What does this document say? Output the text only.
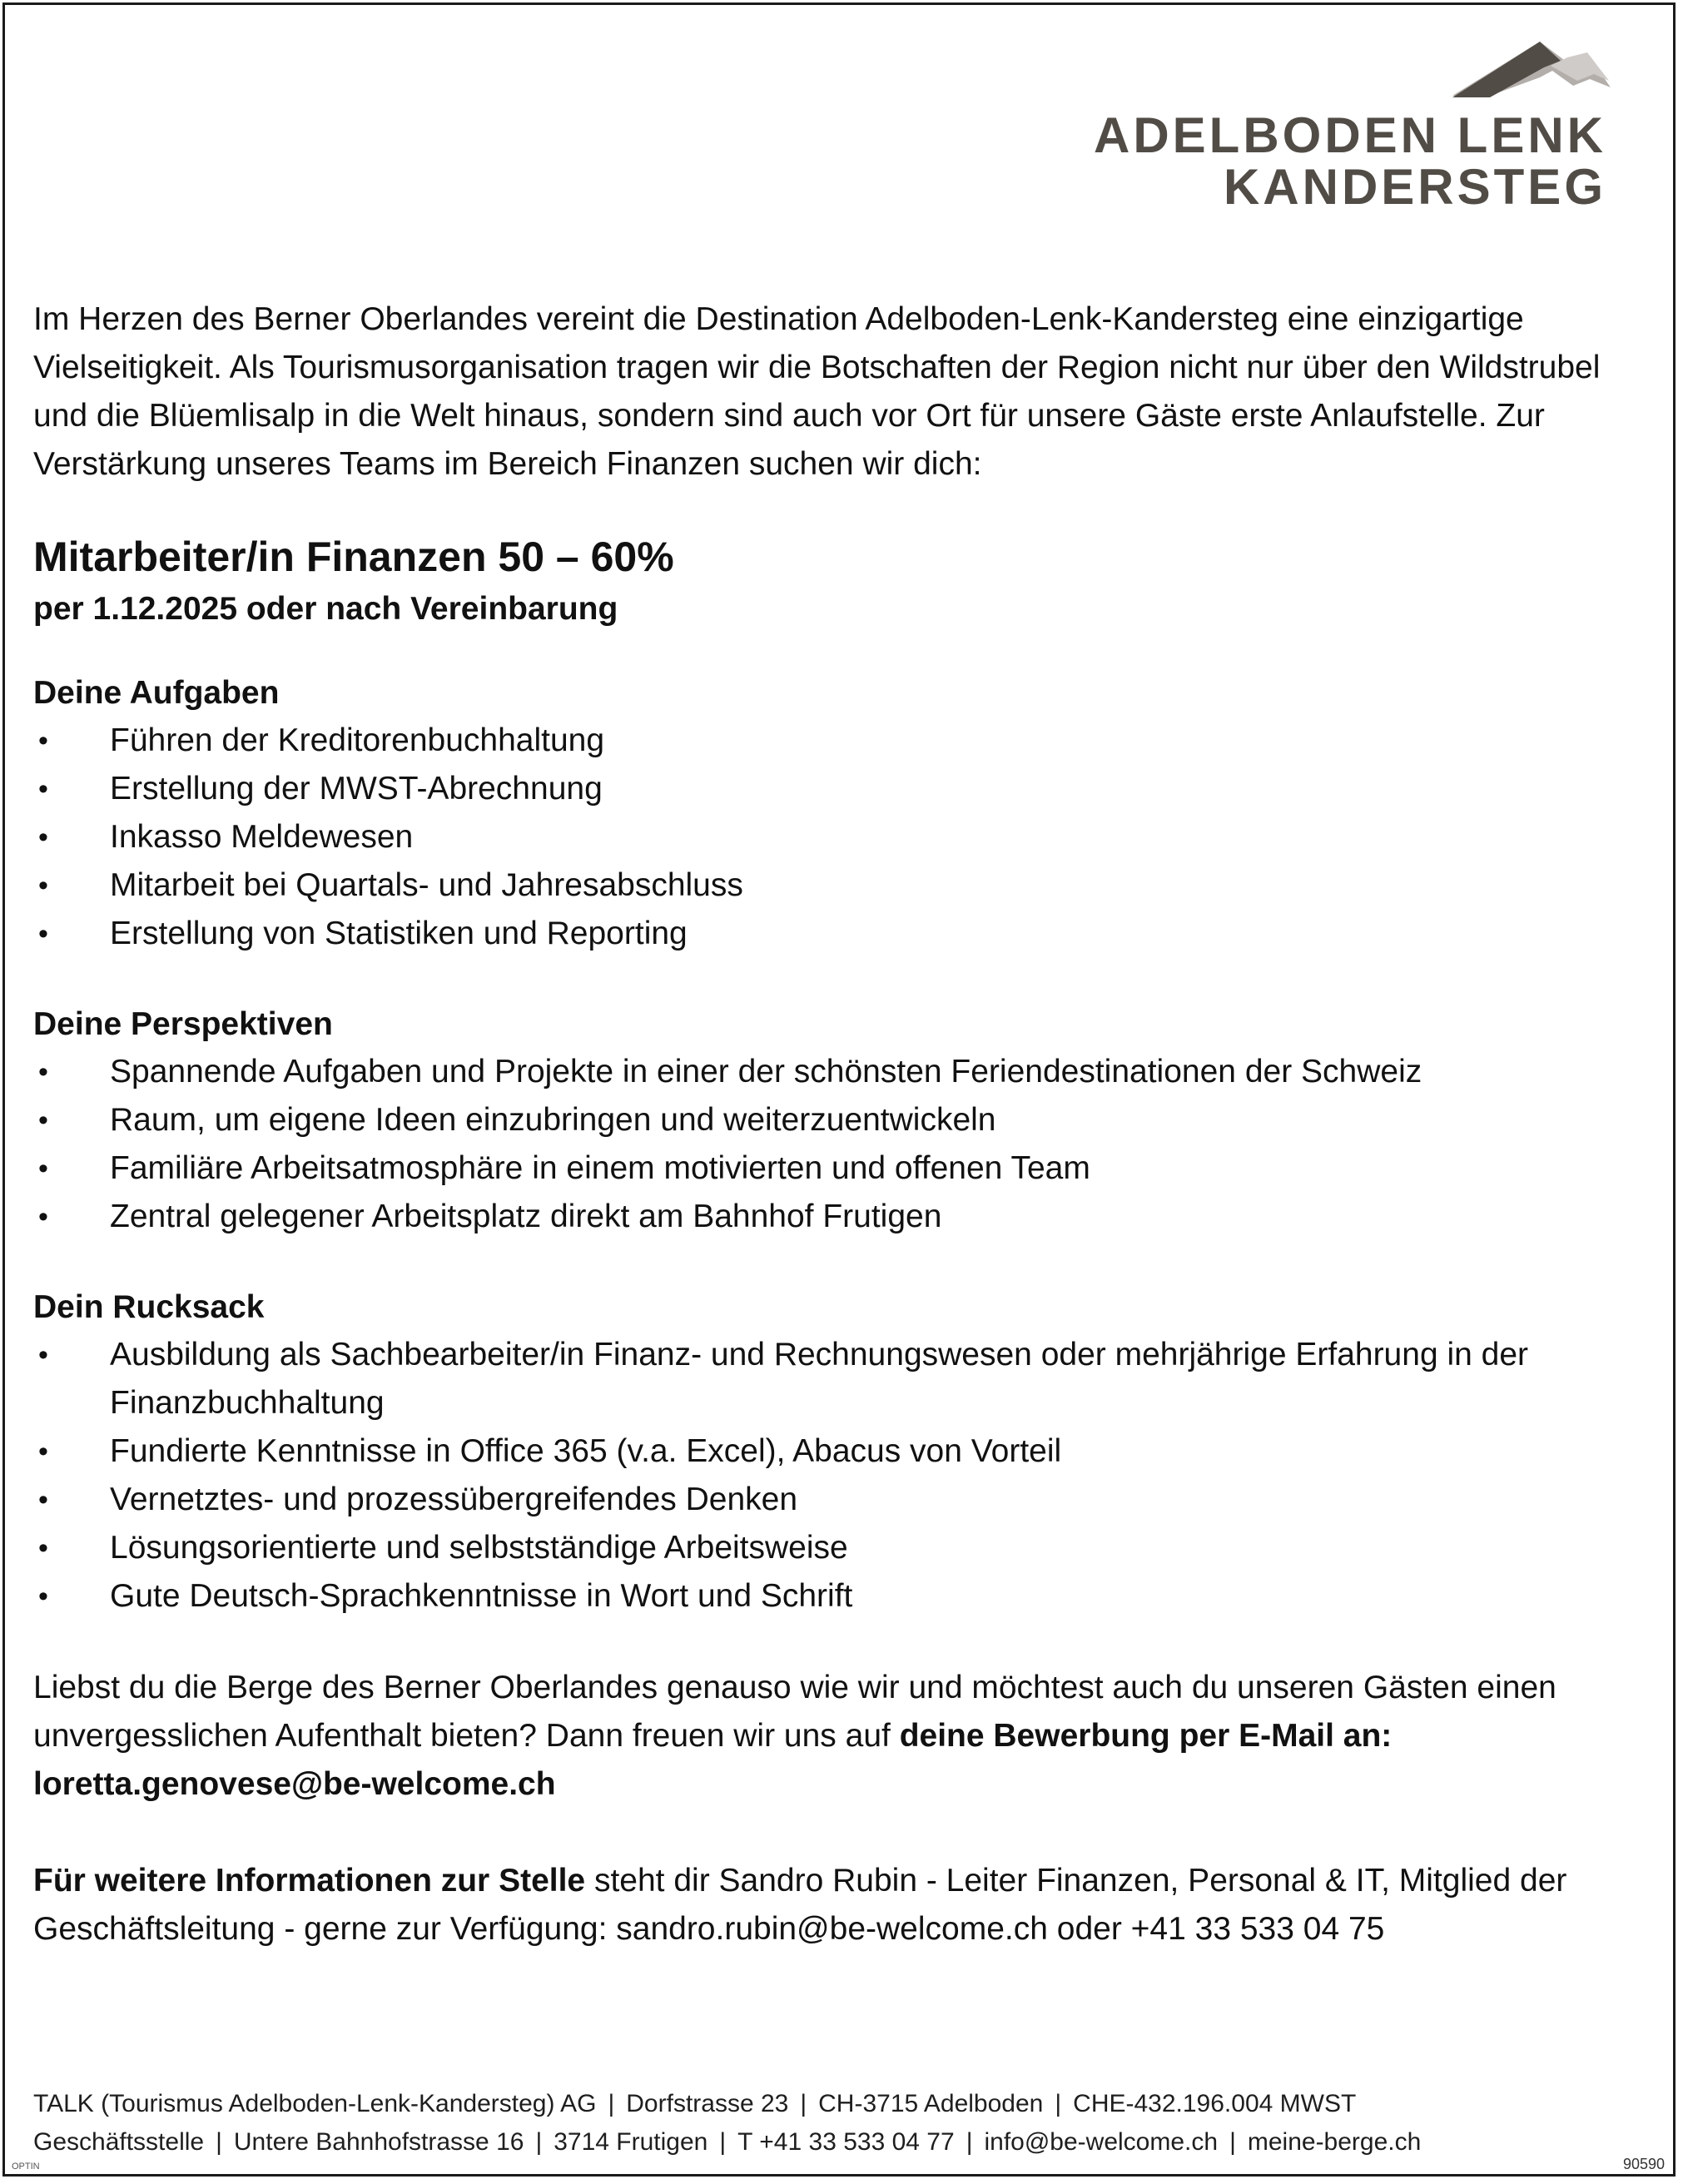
ADELBODEN LENK
KANDERSTEG

Im Herzen des Berner Oberlandes vereint die Destination Adelboden-Lenk-Kandersteg eine einzigartige Vielseitigkeit. Als Tourismusorganisation tragen wir die Botschaften der Region nicht nur über den Wildstrubel und die Blüemlisalp in die Welt hinaus, sondern sind auch vor Ort für unsere Gäste erste Anlaufstelle. Zur Verstärkung unseres Teams im Bereich Finanzen suchen wir dich:

Mitarbeiter/in Finanzen 50 – 60%

per 1.12.2025 oder nach Vereinbarung

Deine Aufgaben
• Führen der Kreditorenbuchhaltung
• Erstellung der MWST-Abrechnung
• Inkasso Meldewesen
• Mitarbeit bei Quartals- und Jahresabschluss
• Erstellung von Statistiken und Reporting
Deine Perspektiven
• Spannende Aufgaben und Projekte in einer der schönsten Feriendestinationen der Schweiz
• Raum, um eigene Ideen einzubringen und weiterzuentwickeln
• Familiäre Arbeitsatmosphäre in einem motivierten und offenen Team
• Zentral gelegener Arbeitsplatz direkt am Bahnhof Frutigen
Dein Rucksack
• Ausbildung als Sachbearbeiter/in Finanz- und Rechnungswesen oder mehrjährige Erfahrung in der Finanzbuchhaltung
• Fundierte Kenntnisse in Office 365 (v.a. Excel), Abacus von Vorteil
• Vernetztes- und prozessübergreifendes Denken
• Lösungsorientierte und selbstständige Arbeitsweise
• Gute Deutsch-Sprachkenntnisse in Wort und Schrift

Liebst du die Berge des Berner Oberlandes genauso wie wir und möchtest auch du unseren Gästen einen unvergesslichen Aufenthalt bieten? Dann freuen wir uns auf deine Bewerbung per E-Mail an:
loretta.genovese@be-welcome.ch

Für weitere Informationen zur Stelle steht dir Sandro Rubin - Leiter Finanzen, Personal & IT, Mitglied der Geschäftsleitung - gerne zur Verfügung: sandro.rubin@be-welcome.ch oder +41 33 533 04 75

TALK (Tourismus Adelboden-Lenk-Kandersteg) AG | Dorfstrasse 23 | CH-3715 Adelboden | CHE-432.196.004 MWST
Geschäftsstelle | Untere Bahnhofstrasse 16 | 3714 Frutigen | T +41 33 533 04 77 | info@be-welcome.ch | meine-berge.ch
OPTIN	90590
